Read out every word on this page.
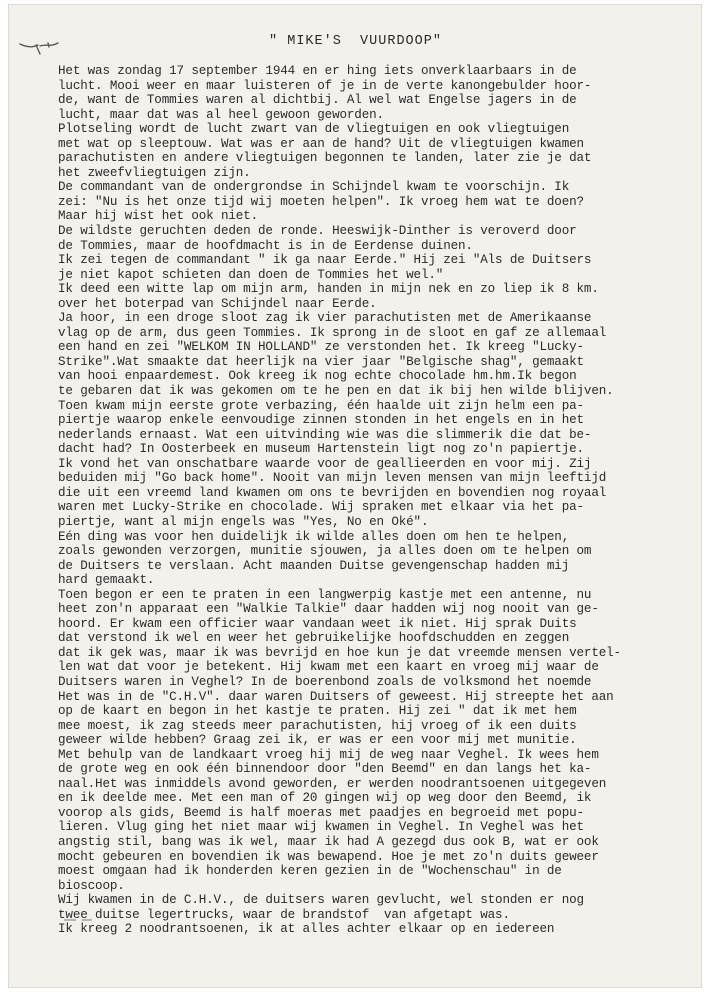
" MIKE'S  VUURDOOP"
Het was zondag 17 september 1944 en er hing iets onverklaarbaars in de
lucht. Mooi weer en maar luisteren of je in de verte kanongebulder hoor-
de, want de Tommies waren al dichtbij. Al wel wat Engelse jagers in de
lucht, maar dat was al heel gewoon geworden.
Plotseling wordt de lucht zwart van de vliegtuigen en ook vliegtuigen
met wat op sleeptouw. Wat was er aan de hand? Uit de vliegtuigen kwamen
parachutisten en andere vliegtuigen begonnen te landen, later zie je dat
het zweefvliegtuigen zijn.
De commandant van de ondergrondse in Schijndel kwam te voorschijn. Ik
zei: "Nu is het onze tijd wij moeten helpen". Ik vroeg hem wat te doen?
Maar hij wist het ook niet.
De wildste geruchten deden de ronde. Heeswijk-Dinther is veroverd door
de Tommies, maar de hoofdmacht is in de Eerdense duinen.
Ik zei tegen de commandant " ik ga naar Eerde." Hij zei "Als de Duitsers
je niet kapot schieten dan doen de Tommies het wel."
Ik deed een witte lap om mijn arm, handen in mijn nek en zo liep ik 8 km.
over het boterpad van Schijndel naar Eerde.
Ja hoor, in een droge sloot zag ik vier parachutisten met de Amerikaanse
vlag op de arm, dus geen Tommies. Ik sprong in de sloot en gaf ze allemaal
een hand en zei "WELKOM IN HOLLAND" ze verstonden het. Ik kreeg "Lucky-
Strike".Wat smaakte dat heerlijk na vier jaar "Belgische shag", gemaakt
van hooi enpaardemest. Ook kreeg ik nog echte chocolade hm.hm.Ik begon
te gebaren dat ik was gekomen om te he pen en dat ik bij hen wilde blijven.
Toen kwam mijn eerste grote verbazing, één haalde uit zijn helm een pa-
piertje waarop enkele eenvoudige zinnen stonden in het engels en in het
nederlands ernaast. Wat een uitvinding wie was die slimmerik die dat be-
dacht had? In Oosterbeek en museum Hartenstein ligt nog zo'n papiertje.
Ik vond het van onschatbare waarde voor de geallieerden en voor mij. Zij
beduiden mij "Go back home". Nooit van mijn leven mensen van mijn leeftijd
die uit een vreemd land kwamen om ons te bevrijden en bovendien nog royaal
waren met Lucky-Strike en chocolade. Wij spraken met elkaar via het pa-
piertje, want al mijn engels was "Yes, No en Oké".
Eén ding was voor hen duidelijk ik wilde alles doen om hen te helpen,
zoals gewonden verzorgen, munitie sjouwen, ja alles doen om te helpen om
de Duitsers te verslaan. Acht maanden Duitse gevengenschap hadden mij
hard gemaakt.
Toen begon er een te praten in een langwerpig kastje met een antenne, nu
heet zon'n apparaat een "Walkie Talkie" daar hadden wij nog nooit van ge-
hoord. Er kwam een officier waar vandaan weet ik niet. Hij sprak Duits
dat verstond ik wel en weer het gebruikelijke hoofdschudden en zeggen
dat ik gek was, maar ik was bevrijd en hoe kun je dat vreemde mensen vertel-
len wat dat voor je betekent. Hij kwam met een kaart en vroeg mij waar de
Duitsers waren in Veghel? In de boerenbond zoals de volksmond het noemde
Het was in de "C.H.V". daar waren Duitsers of geweest. Hij streepte het aan
op de kaart en begon in het kastje te praten. Hij zei " dat ik met hem
mee moest, ik zag steeds meer parachutisten, hij vroeg of ik een duits
geweer wilde hebben? Graag zei ik, er was er een voor mij met munitie.
Met behulp van de landkaart vroeg hij mij de weg naar Veghel. Ik wees hem
de grote weg en ook één binnendoor door "den Beemd" en dan langs het ka-
naal.Het was inmiddels avond geworden, er werden noodrantsoenen uitgegeven
en ik deelde mee. Met een man of 20 gingen wij op weg door den Beemd, ik
voorop als gids, Beemd is half moeras met paadjes en begroeid met popu-
lieren. Vlug ging het niet maar wij kwamen in Veghel. In Veghel was het
angstig stil, bang was ik wel, maar ik had A gezegd dus ook B, wat er ook
mocht gebeuren en bovendien ik was bewapend. Hoe je met zo'n duits geweer
moest omgaan had ik honderden keren gezien in de "Wochenschau" in de
bioscoop.
Wij kwamen in de C.H.V., de duitsers waren gevlucht, wel stonden er nog
twee duitse legertrucks, waar de brandstof  van afgetapt was.
Ik kreeg 2 noodrantsoenen, ik at alles achter elkaar op en iedereen
